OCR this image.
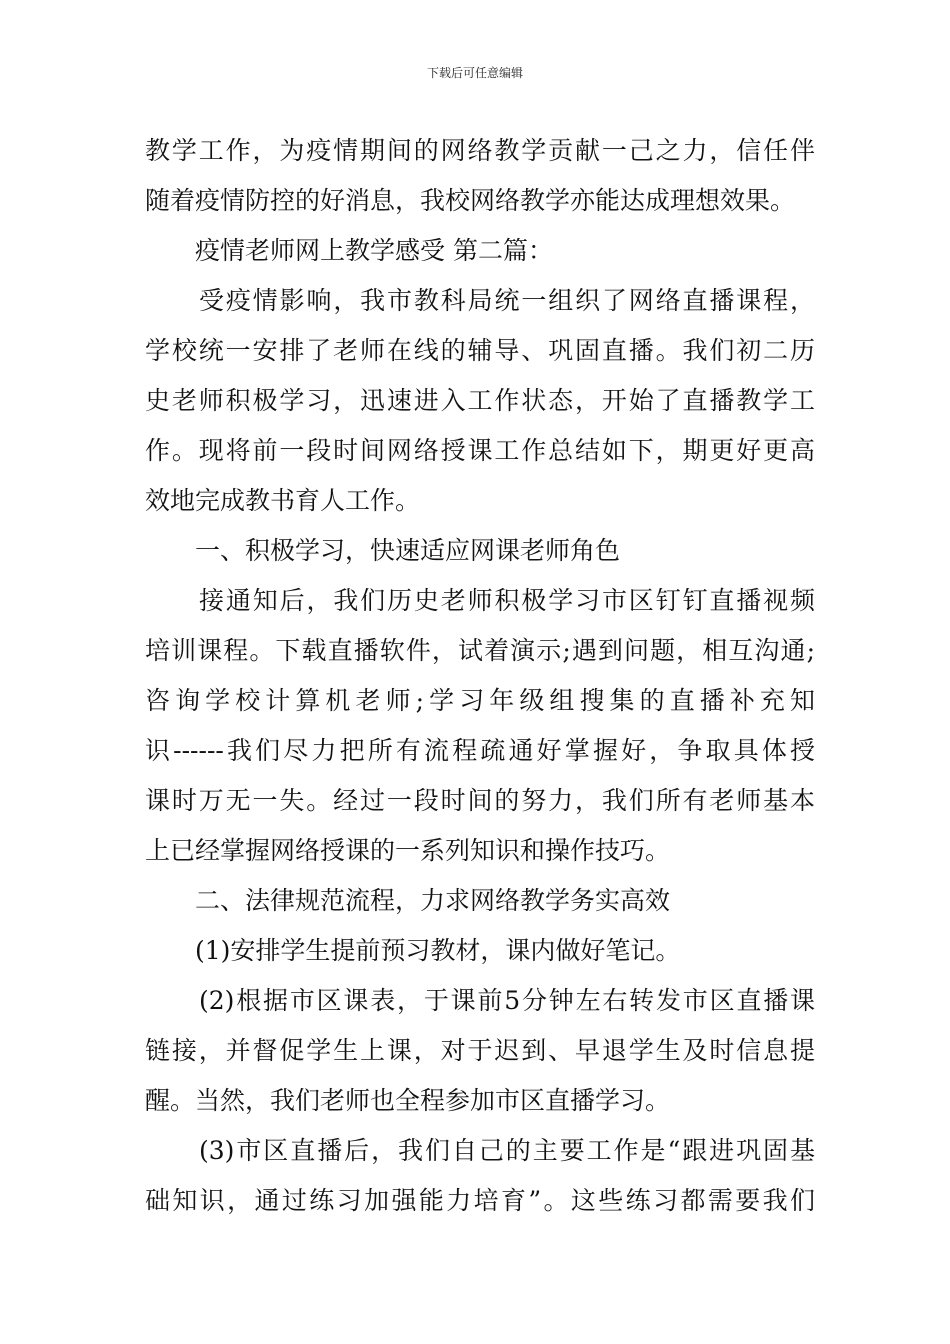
下载后可任意编辑
教学工作，为疫情期间的网络教学贡献一己之力，信任伴
随着疫情防控的好消息，我校网络教学亦能达成理想效果。
疫情老师网上教学感受 第二篇：
受疫情影响，我市教科局统一组织了网络直播课程，
学校统一安排了老师在线的辅导、巩固直播。我们初二历
史老师积极学习，迅速进入工作状态，开始了直播教学工
作。现将前一段时间网络授课工作总结如下，期更好更高
效地完成教书育人工作。
一、积极学习，快速适应网课老师角色
接通知后，我们历史老师积极学习市区钉钉直播视频
培训课程。下载直播软件，试着演示;遇到问题，相互沟通;
咨询学校计算机老师;学习年级组搜集的直播补充知
识------我们尽力把所有流程疏通好掌握好，争取具体授
课时万无一失。经过一段时间的努力，我们所有老师基本
上已经掌握网络授课的一系列知识和操作技巧。
二、法律规范流程，力求网络教学务实高效
(1)安排学生提前预习教材，课内做好笔记。
(2)根据市区课表，于课前5分钟左右转发市区直播课
链接，并督促学生上课，对于迟到、早退学生及时信息提
醒。当然，我们老师也全程参加市区直播学习。
(3)市区直播后，我们自己的主要工作是“跟进巩固基
础知识，通过练习加强能力培育”。这些练习都需要我们
